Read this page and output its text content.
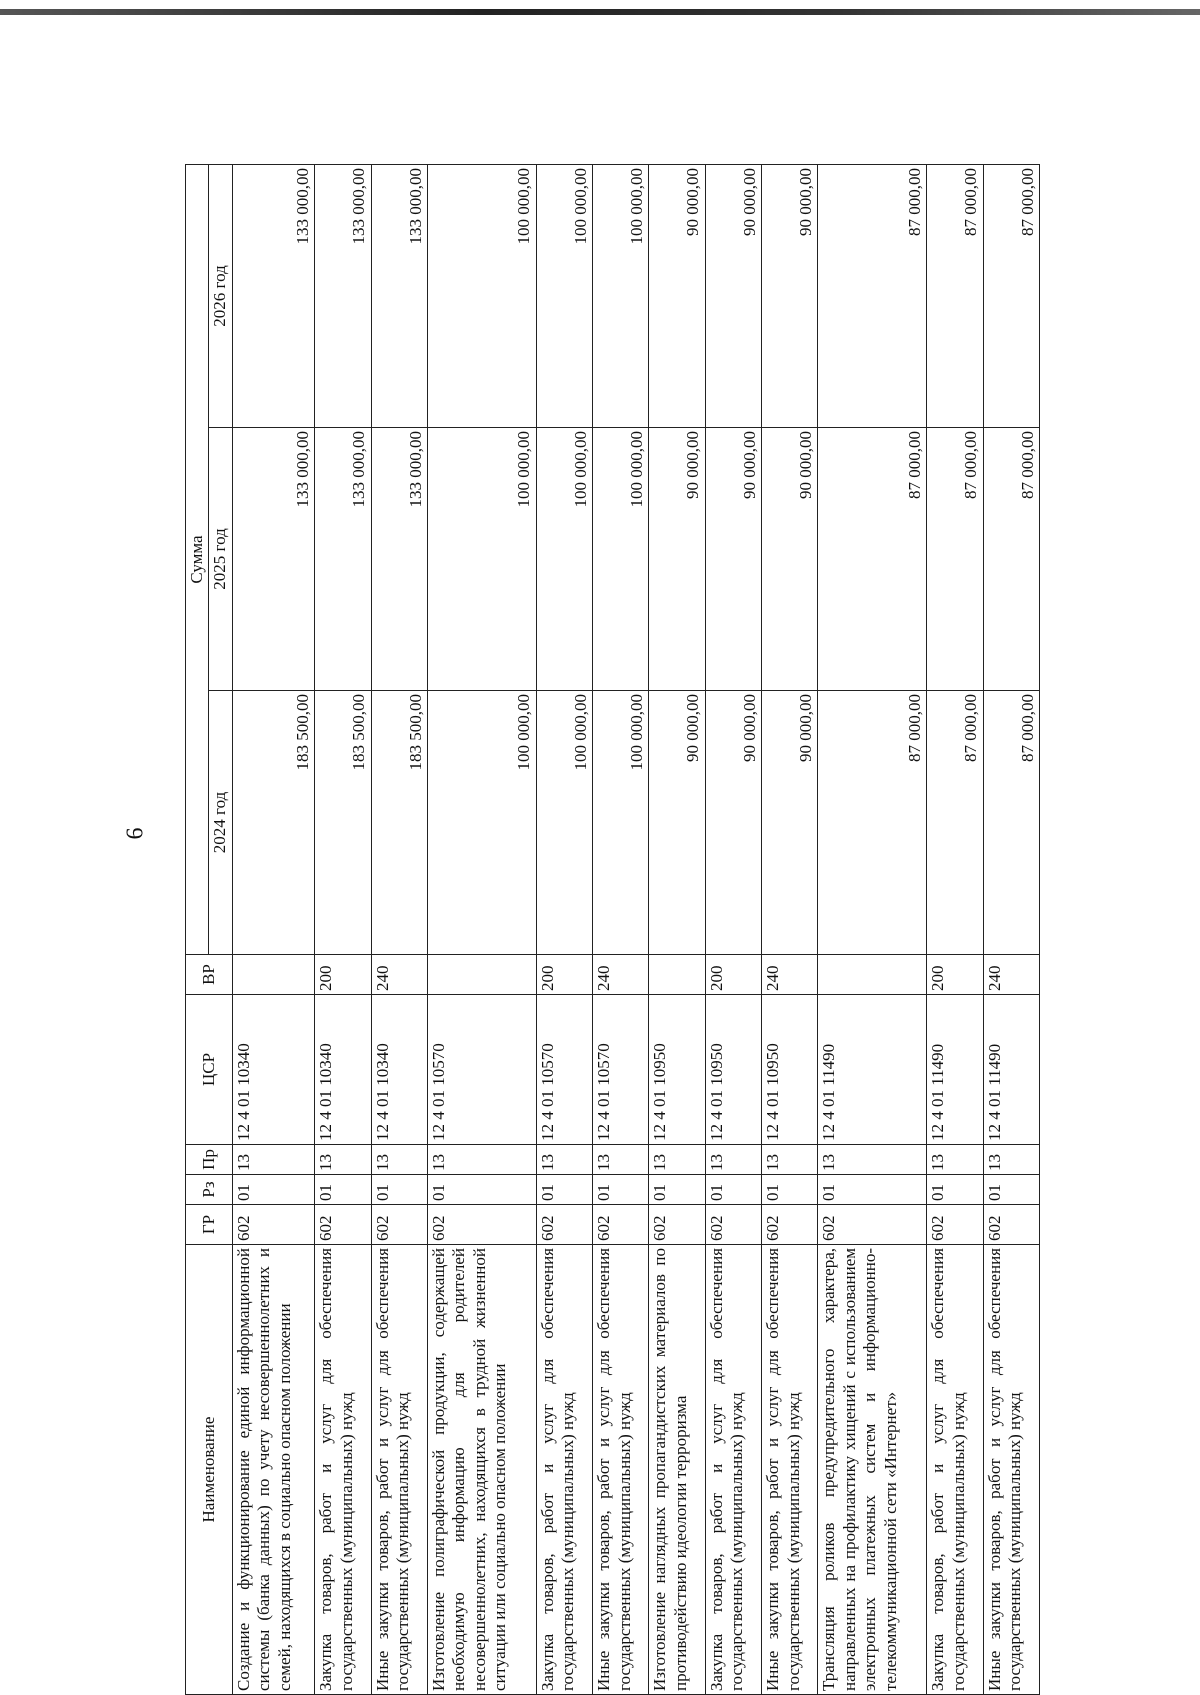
6
Наименование	ГР	Рз	Пр	ЦСР	ВР	Сумма		
						2024 год	2025 год	2026 год
Создание и функционирование единой информационной системы (банка данных) по учету несовершеннолетних и семей, находящихся в социально опасном положении	602	01	13	12 4 01 10340		183 500,00	133 000,00	133 000,00
Закупка товаров, работ и услуг для обеспечения государственных (муниципальных) нужд	602	01	13	12 4 01 10340	200	183 500,00	133 000,00	133 000,00
Иные закупки товаров, работ и услуг для обеспечения государственных (муниципальных) нужд	602	01	13	12 4 01 10340	240	183 500,00	133 000,00	133 000,00
Изготовление полиграфической продукции, содержащей необходимую информацию для родителей несовершеннолетних, находящихся в трудной жизненной ситуации или социально опасном положении	602	01	13	12 4 01 10570		100 000,00	100 000,00	100 000,00
Закупка товаров, работ и услуг для обеспечения государственных (муниципальных) нужд	602	01	13	12 4 01 10570	200	100 000,00	100 000,00	100 000,00
Иные закупки товаров, работ и услуг для обеспечения государственных (муниципальных) нужд	602	01	13	12 4 01 10570	240	100 000,00	100 000,00	100 000,00
Изготовление наглядных пропагандистских материалов по противодействию идеологии терроризма	602	01	13	12 4 01 10950		90 000,00	90 000,00	90 000,00
Закупка товаров, работ и услуг для обеспечения государственных (муниципальных) нужд	602	01	13	12 4 01 10950	200	90 000,00	90 000,00	90 000,00
Иные закупки товаров, работ и услуг для обеспечения государственных (муниципальных) нужд	602	01	13	12 4 01 10950	240	90 000,00	90 000,00	90 000,00
Трансляция роликов предупредительного характера, направленных на профилактику хищений с использованием электронных платежных систем и информационно-телекоммуникационной сети «Интернет»	602	01	13	12 4 01 11490		87 000,00	87 000,00	87 000,00
Закупка товаров, работ и услуг для обеспечения государственных (муниципальных) нужд	602	01	13	12 4 01 11490	200	87 000,00	87 000,00	87 000,00
Иные закупки товаров, работ и услуг для обеспечения государственных (муниципальных) нужд	602	01	13	12 4 01 11490	240	87 000,00	87 000,00	87 000,00
